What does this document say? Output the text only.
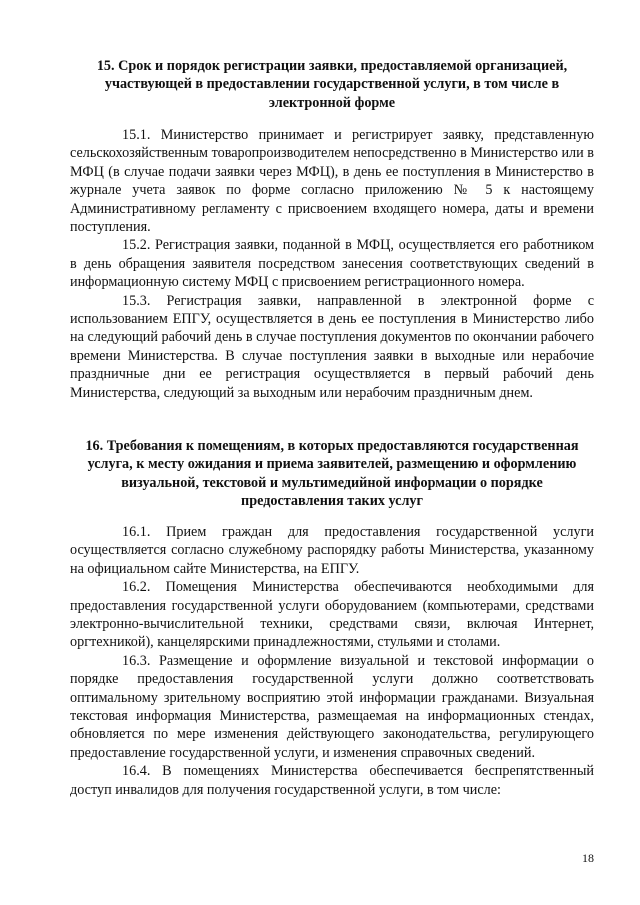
15. Срок и порядок регистрации заявки, предоставляемой организацией, участвующей в предоставлении государственной услуги, в том числе в электронной форме

15.1. Министерство принимает и регистрирует заявку, представленную сельскохозяйственным товаропроизводителем непосредственно в Министерство или в МФЦ (в случае подачи заявки через МФЦ), в день ее поступления в Министерство в журнале учета заявок по форме согласно приложению № 5 к настоящему Административному регламенту с присвоением входящего номера, даты и времени поступления.

15.2. Регистрация заявки, поданной в МФЦ, осуществляется его работником в день обращения заявителя посредством занесения соответствующих сведений в информационную систему МФЦ с присвоением регистрационного номера.

15.3. Регистрация заявки, направленной в электронной форме с использованием ЕПГУ, осуществляется в день ее поступления в Министерство либо на следующий рабочий день в случае поступления документов по окончании рабочего времени Министерства. В случае поступления заявки в выходные или нерабочие праздничные дни ее регистрация осуществляется в первый рабочий день Министерства, следующий за выходным или нерабочим праздничным днем.

16. Требования к помещениям, в которых предоставляются государственная услуга, к месту ожидания и приема заявителей, размещению и оформлению визуальной, текстовой и мультимедийной информации о порядке предоставления таких услуг

16.1. Прием граждан для предоставления государственной услуги осуществляется согласно служебному распорядку работы Министерства, указанному на официальном сайте Министерства, на ЕПГУ.

16.2. Помещения Министерства обеспечиваются необходимыми для предоставления государственной услуги оборудованием (компьютерами, средствами электронно-вычислительной техники, средствами связи, включая Интернет, оргтехникой), канцелярскими принадлежностями, стульями и столами.

16.3. Размещение и оформление визуальной и текстовой информации о порядке предоставления государственной услуги должно соответствовать оптимальному зрительному восприятию этой информации гражданами. Визуальная текстовая информация Министерства, размещаемая на информационных стендах, обновляется по мере изменения действующего законодательства, регулирующего предоставление государственной услуги, и изменения справочных сведений.

16.4. В помещениях Министерства обеспечивается беспрепятственный доступ инвалидов для получения государственной услуги, в том числе:

18
